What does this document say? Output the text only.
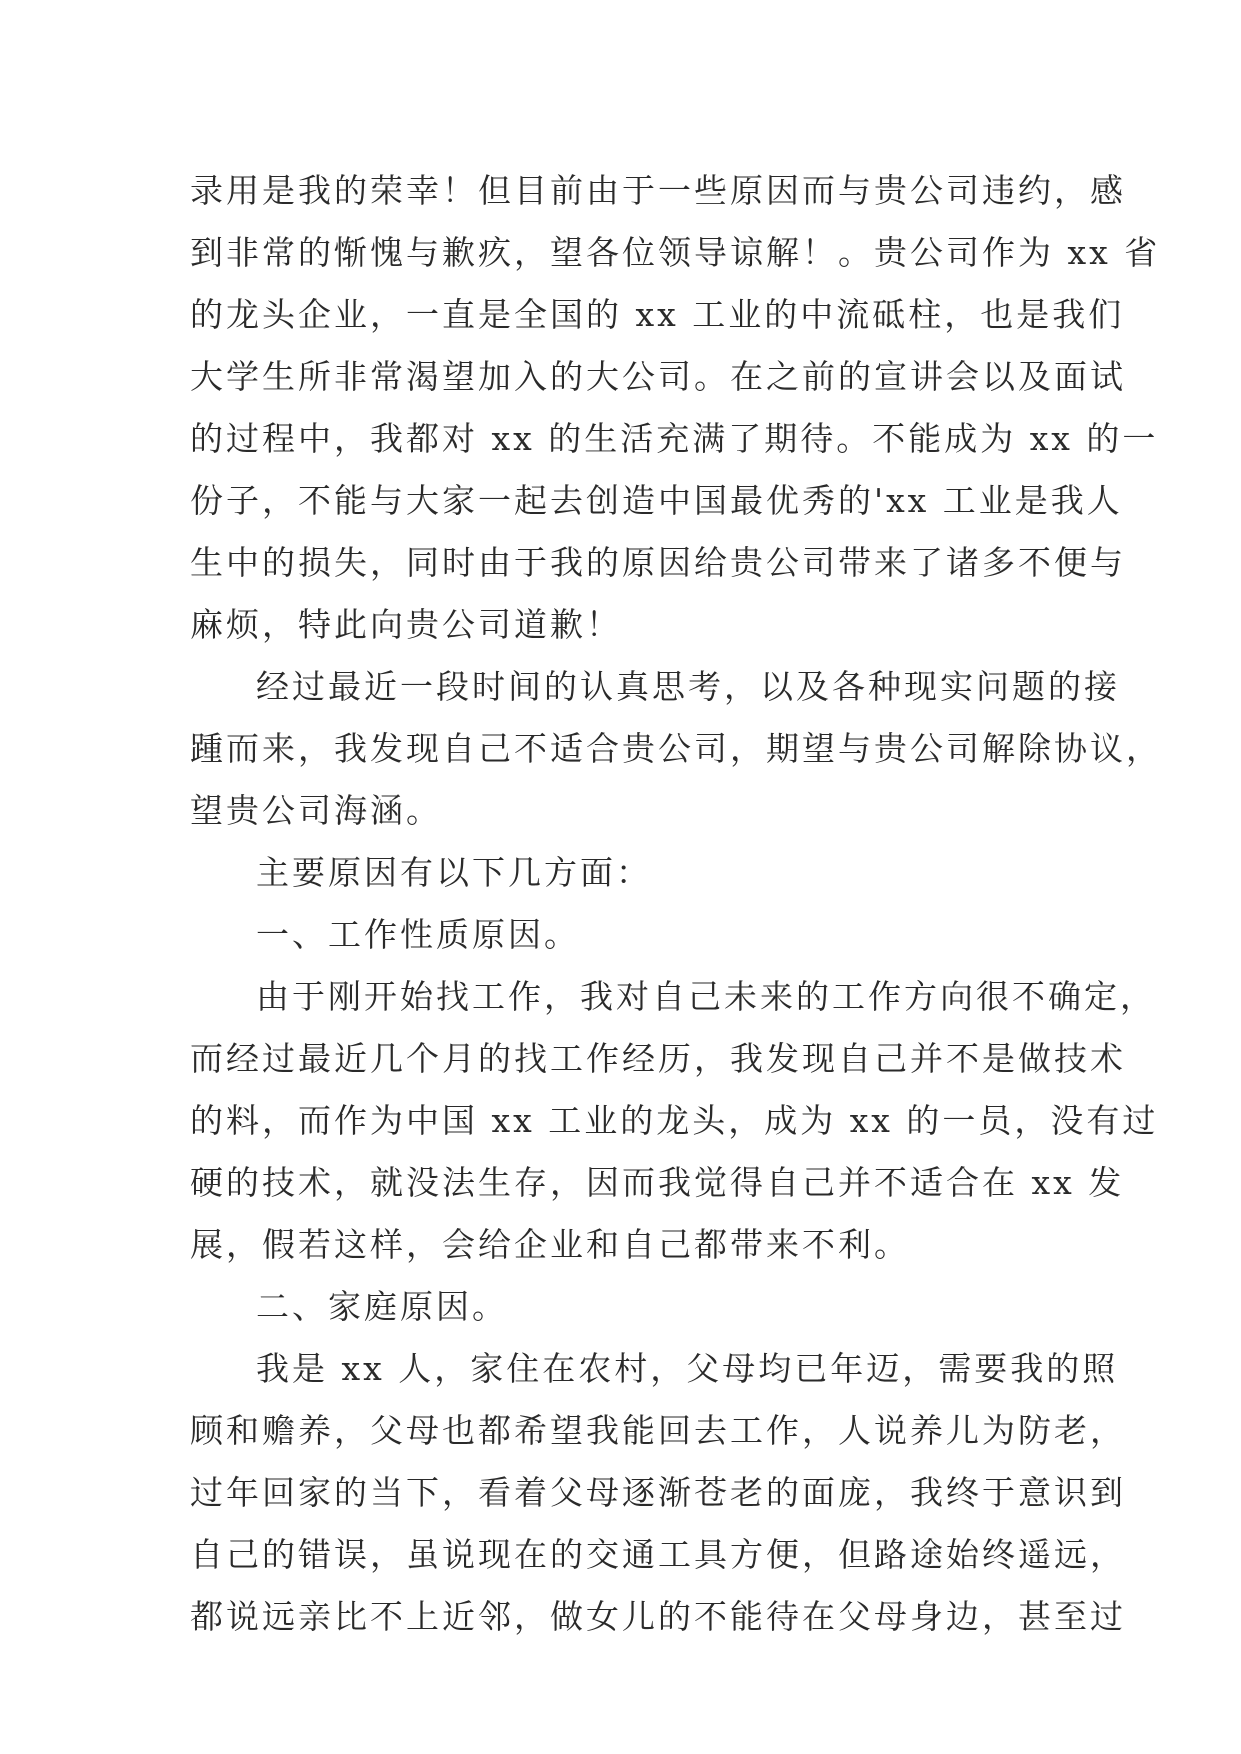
录用是我的荣幸！但目前由于一些原因而与贵公司违约，感
到非常的惭愧与歉疚，望各位领导谅解！。贵公司作为 xx 省
的龙头企业，一直是全国的 xx 工业的中流砥柱，也是我们
大学生所非常渴望加入的大公司。在之前的宣讲会以及面试
的过程中，我都对 xx 的生活充满了期待。不能成为 xx 的一
份子，不能与大家一起去创造中国最优秀的'xx 工业是我人
生中的损失，同时由于我的原因给贵公司带来了诸多不便与
麻烦，特此向贵公司道歉！
经过最近一段时间的认真思考，以及各种现实问题的接
踵而来，我发现自己不适合贵公司，期望与贵公司解除协议，
望贵公司海涵。
主要原因有以下几方面：
一、工作性质原因。
由于刚开始找工作，我对自己未来的工作方向很不确定，
而经过最近几个月的找工作经历，我发现自己并不是做技术
的料，而作为中国 xx 工业的龙头，成为 xx 的一员，没有过
硬的技术，就没法生存，因而我觉得自己并不适合在 xx 发
展，假若这样，会给企业和自己都带来不利。
二、家庭原因。
我是 xx 人，家住在农村，父母均已年迈，需要我的照
顾和赡养，父母也都希望我能回去工作，人说养儿为防老，
过年回家的当下，看着父母逐渐苍老的面庞，我终于意识到
自己的错误，虽说现在的交通工具方便，但路途始终遥远，
都说远亲比不上近邻，做女儿的不能待在父母身边，甚至过
